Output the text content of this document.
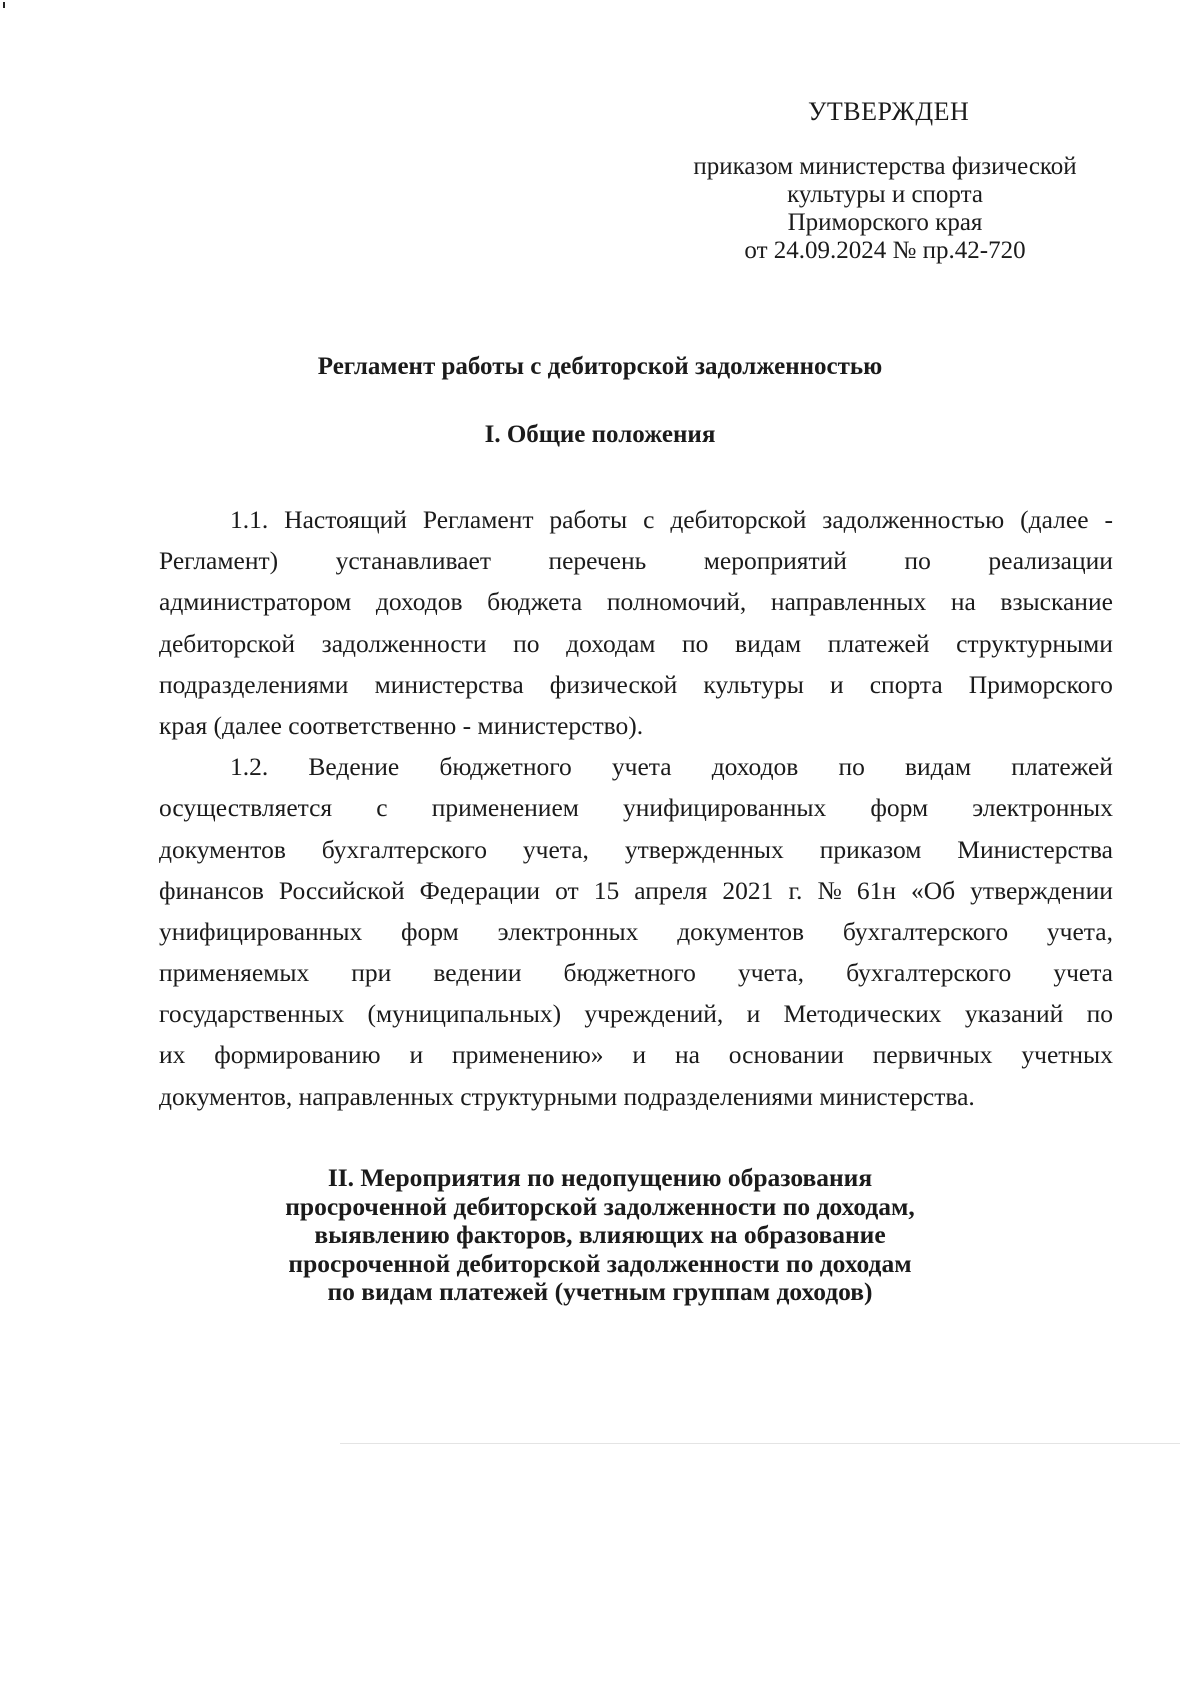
УТВЕРЖДЕН
приказом министерства физической
культуры и спорта
Приморского края
от 24.09.2024 № пр.42-720
Регламент работы с дебиторской задолженностью
I. Общие положения
1.1. Настоящий Регламент работы с дебиторской задолженностью (далее -
Регламент) устанавливает перечень мероприятий по реализации
администратором доходов бюджета полномочий, направленных на взыскание
дебиторской задолженности по доходам по видам платежей структурными
подразделениями министерства физической культуры и спорта Приморского
края (далее соответственно - министерство).
1.2. Ведение бюджетного учета доходов по видам платежей
осуществляется с применением унифицированных форм электронных
документов бухгалтерского учета, утвержденных приказом Министерства
финансов Российской Федерации от 15 апреля 2021 г. № 61н «Об утверждении
унифицированных форм электронных документов бухгалтерского учета,
применяемых при ведении бюджетного учета, бухгалтерского учета
государственных (муниципальных) учреждений, и Методических указаний по
их формированию и применению» и на основании первичных учетных
документов, направленных структурными подразделениями министерства.
II. Мероприятия по недопущению образования
просроченной дебиторской задолженности по доходам,
выявлению факторов, влияющих на образование
просроченной дебиторской задолженности по доходам
по видам платежей (учетным группам доходов)
